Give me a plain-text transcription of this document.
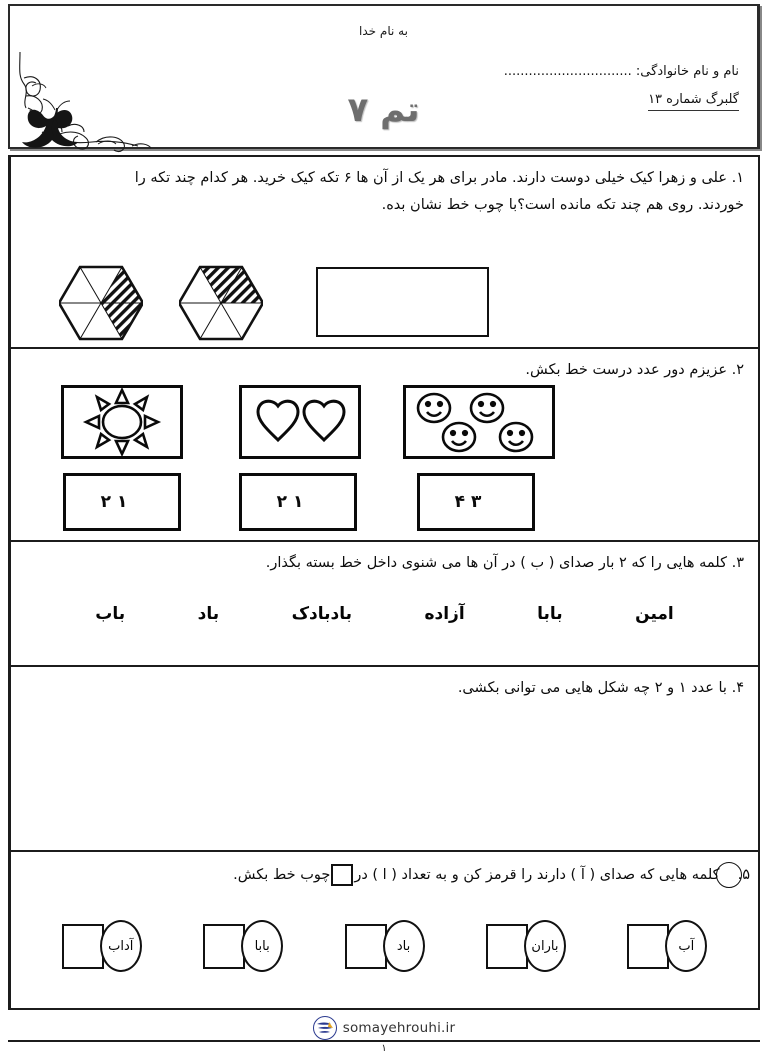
به نام خدا
نام و نام خانوادگی: ...............................
گلبرگ شماره ۱۳
تم ۷
۱. علی و زهرا کیک خیلی دوست دارند. مادر برای هر یک از آن ها ۶ تکه کیک خرید. هر کدام چند تکه را
خوردند. روی هم چند تکه مانده است؟با چوب خط نشان بده.
۲. عزیزم دور عدد درست خط بکش.
۱ ۲	۱ ۲	۳ ۴
۳. کلمه هایی را که ۲ بار صدای ( ب ) در آن ها می شنوی داخل خط بسته بگذار.
امین
بابا
آزاده
بادبادک
باد
باب
۴. با عدد ۱ و ۲ چه شکل هایی می توانی بکشی.
۵.
کلمه هایی که صدای ( آ ) دارند را قرمز کن و به تعداد ( ا ) در
چوب خط بکش.
آب
باران
باد
بابا
آداب
somayehrouhi.ir
۱
